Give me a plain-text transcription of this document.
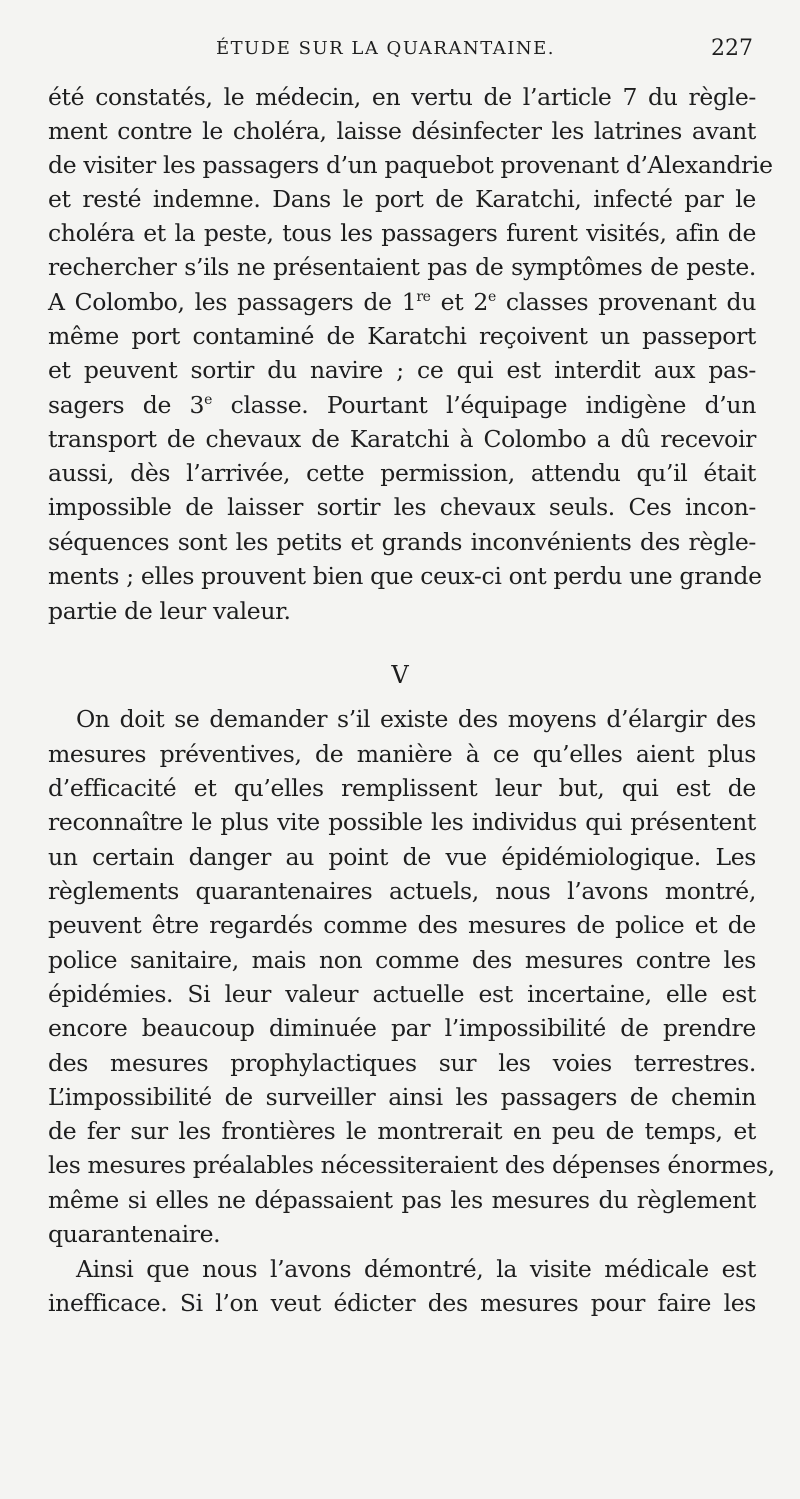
ÉTUDE SUR LA QUARANTAINE.	227
été constatés, le médecin, en vertu de l’article 7 du règle-
ment contre le choléra, laisse désinfecter les latrines avant
de visiter les passagers d’un paquebot provenant d’Alexandrie
et resté indemne. Dans le port de Karatchi, infecté par le
choléra et la peste, tous les passagers furent visités, afin de
rechercher s’ils ne présentaient pas de symptômes de peste.
A Colombo, les passagers de 1re et 2e classes provenant du
même port contaminé de Karatchi reçoivent un passeport
et peuvent sortir du navire ; ce qui est interdit aux pas-
sagers de 3e classe. Pourtant l’équipage indigène d’un
transport de chevaux de Karatchi à Colombo a dû recevoir
aussi, dès l’arrivée, cette permission, attendu qu’il était
impossible de laisser sortir les chevaux seuls. Ces incon-
séquences sont les petits et grands inconvénients des règle-
ments ; elles prouvent bien que ceux-ci ont perdu une grande
partie de leur valeur.
V
On doit se demander s’il existe des moyens d’élargir des
mesures préventives, de manière à ce qu’elles aient plus
d’efficacité et qu’elles remplissent leur but, qui est de
reconnaître le plus vite possible les individus qui présentent
un certain danger au point de vue épidémiologique. Les
règlements quarantenaires actuels, nous l’avons montré,
peuvent être regardés comme des mesures de police et de
police sanitaire, mais non comme des mesures contre les
épidémies. Si leur valeur actuelle est incertaine, elle est
encore beaucoup diminuée par l’impossibilité de prendre
des mesures prophylactiques sur les voies terrestres.
L’impossibilité de surveiller ainsi les passagers de chemin
de fer sur les frontières le montrerait en peu de temps, et
les mesures préalables nécessiteraient des dépenses énormes,
même si elles ne dépassaient pas les mesures du règlement
quarantenaire.
Ainsi que nous l’avons démontré, la visite médicale est
inefficace. Si l’on veut édicter des mesures pour faire les
